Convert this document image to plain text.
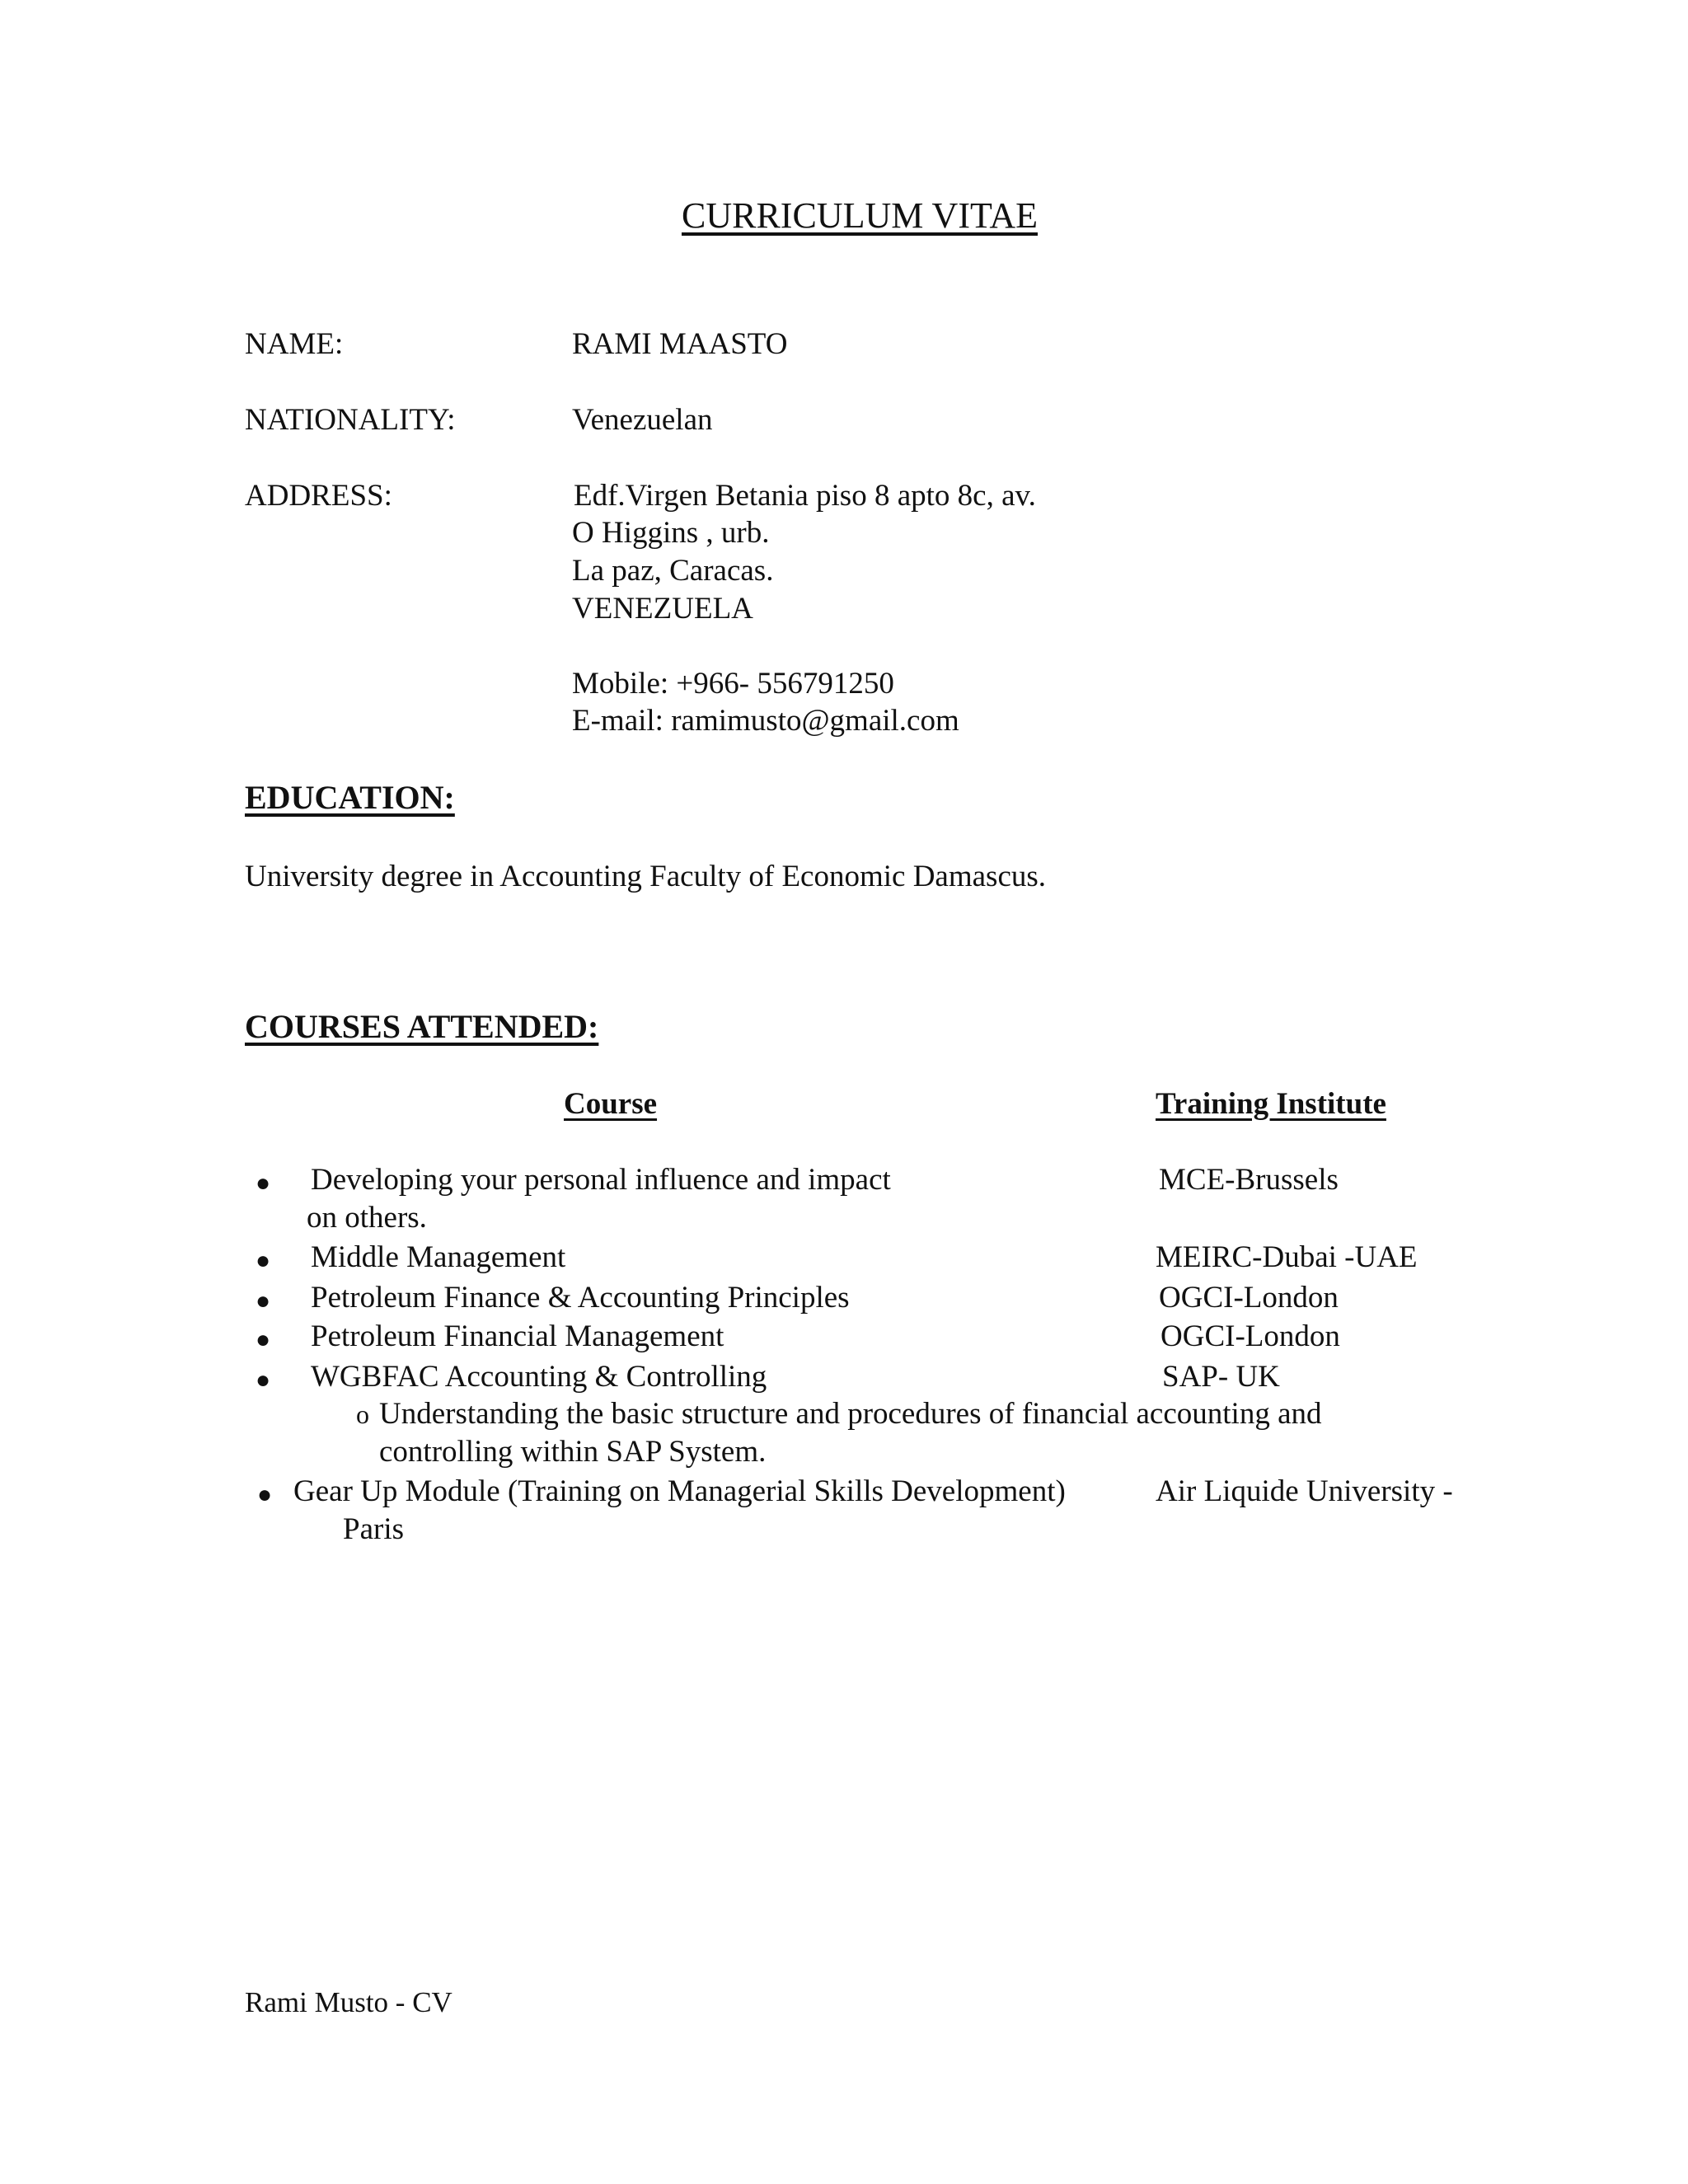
CURRICULUM VITAE
NAME:	RAMI MAASTO
NATIONALITY:	Venezuelan
ADDRESS:	Edf.Virgen Betania piso 8 apto 8c, av.
O Higgins , urb.
La paz, Caracas.
VENEZUELA
Mobile: +966- 556791250
E-mail: ramimusto@gmail.com
EDUCATION:
University degree in Accounting Faculty of Economic Damascus.
COURSES ATTENDED:
Course	Training Institute
● Developing your personal influence and impact	MCE-Brussels
on others.
● Middle Management	MEIRC-Dubai -UAE
● Petroleum Finance & Accounting Principles	OGCI-London
● Petroleum Financial Management	OGCI-London
● WGBFAC Accounting & Controlling	SAP- UK
o Understanding the basic structure and procedures of financial accounting and
controlling within SAP System.
● Gear Up Module (Training on Managerial Skills Development)	Air Liquide University -
Paris
Rami Musto - CV
